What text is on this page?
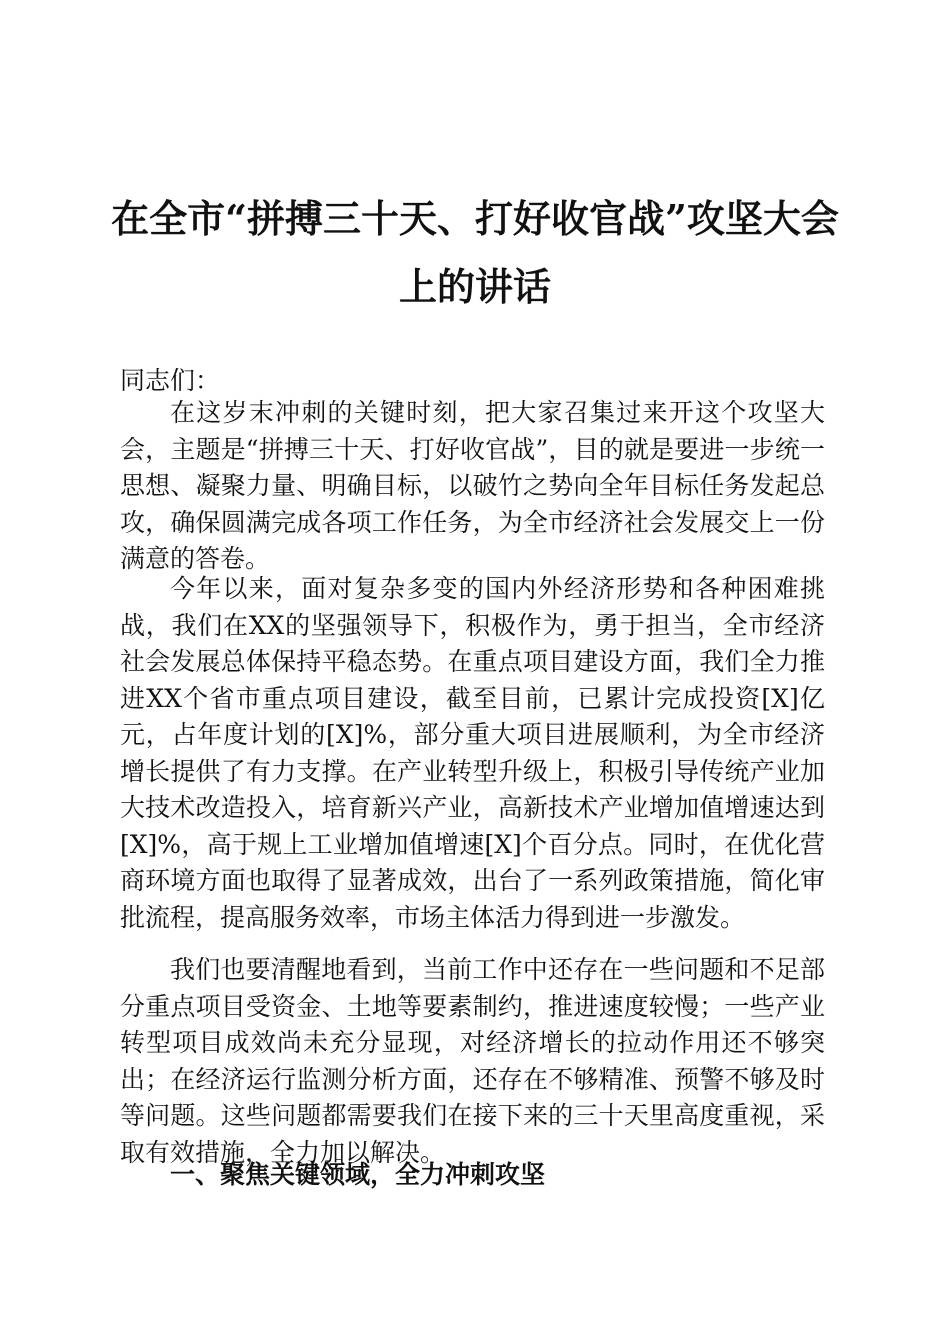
在全市“拼搏三十天、打好收官战”攻坚大会
上的讲话

同志们：

在这岁末冲刺的关键时刻，把大家召集过来开这个攻坚大会，主题是“拼搏三十天、打好收官战”，目的就是要进一步统一思想、凝聚力量、明确目标，以破竹之势向全年目标任务发起总攻，确保圆满完成各项工作任务，为全市经济社会发展交上一份满意的答卷。

今年以来，面对复杂多变的国内外经济形势和各种困难挑战，我们在XX的坚强领导下，积极作为，勇于担当，全市经济社会发展总体保持平稳态势。在重点项目建设方面，我们全力推进XX个省市重点项目建设，截至目前，已累计完成投资[X]亿元，占年度计划的[X]%，部分重大项目进展顺利，为全市经济增长提供了有力支撑。在产业转型升级上，积极引导传统产业加大技术改造投入，培育新兴产业，高新技术产业增加值增速达到[X]%，高于规上工业增加值增速[X]个百分点。同时，在优化营商环境方面也取得了显著成效，出台了一系列政策措施，简化审批流程，提高服务效率，市场主体活力得到进一步激发。

我们也要清醒地看到，当前工作中还存在一些问题和不足部分重点项目受资金、土地等要素制约，推进速度较慢；一些产业转型项目成效尚未充分显现，对经济增长的拉动作用还不够突出；在经济运行监测分析方面，还存在不够精准、预警不够及时等问题。这些问题都需要我们在接下来的三十天里高度重视，采取有效措施，全力加以解决。

一、聚焦关键领域，全力冲刺攻坚
